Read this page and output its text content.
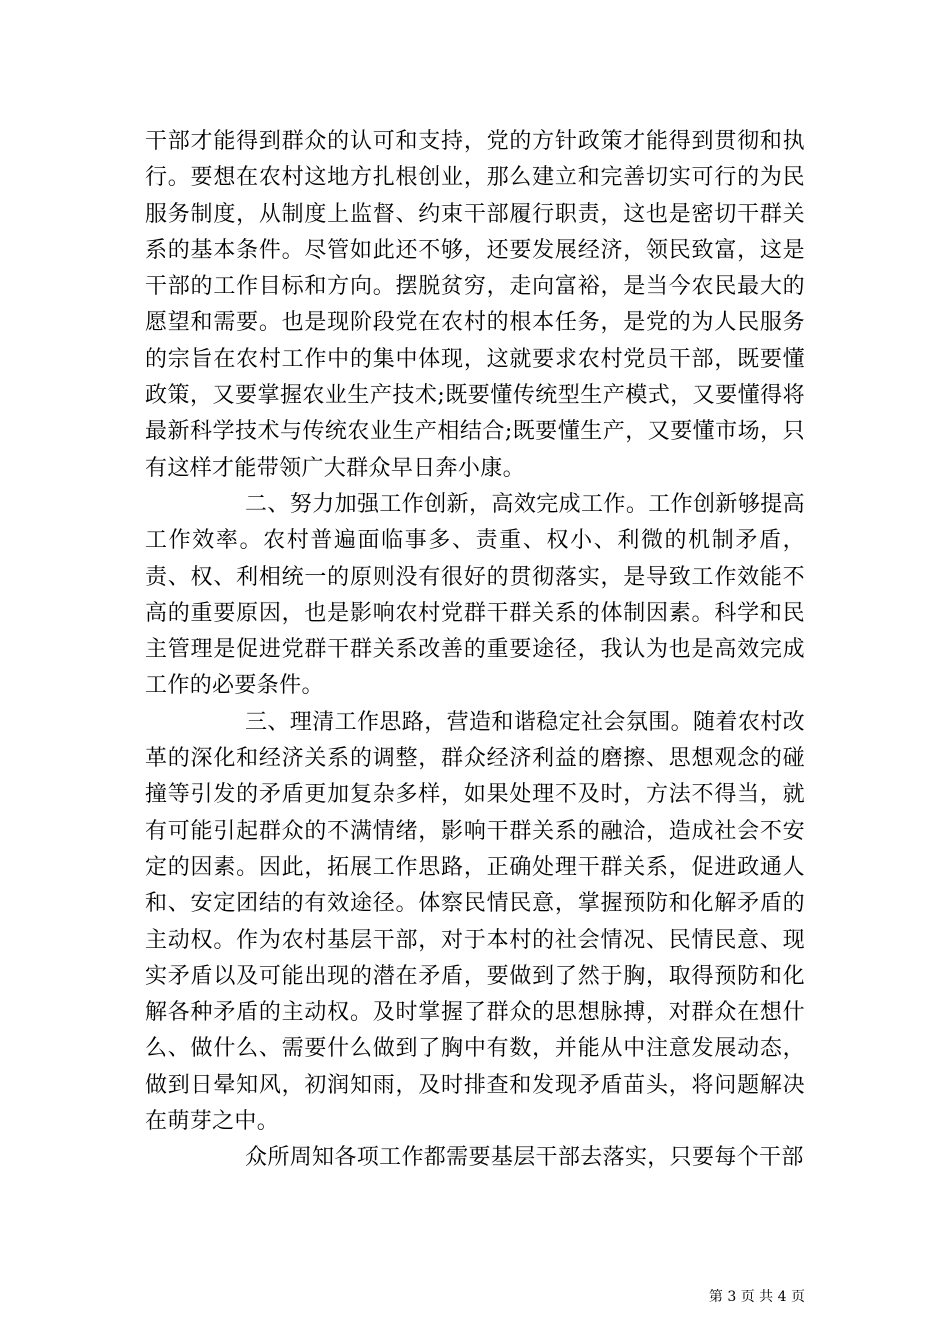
干部才能得到群众的认可和支持，党的方针政策才能得到贯彻和执行。要想在农村这地方扎根创业，那么建立和完善切实可行的为民服务制度，从制度上监督、约束干部履行职责，这也是密切干群关系的基本条件。尽管如此还不够，还要发展经济，领民致富，这是干部的工作目标和方向。摆脱贫穷，走向富裕，是当今农民最大的愿望和需要。也是现阶段党在农村的根本任务，是党的为人民服务的宗旨在农村工作中的集中体现，这就要求农村党员干部，既要懂政策，又要掌握农业生产技术;既要懂传统型生产模式，又要懂得将最新科学技术与传统农业生产相结合;既要懂生产，又要懂市场，只有这样才能带领广大群众早日奔小康。

二、努力加强工作创新，高效完成工作。工作创新够提高工作效率。农村普遍面临事多、责重、权小、利微的机制矛盾，责、权、利相统一的原则没有很好的贯彻落实，是导致工作效能不高的重要原因，也是影响农村党群干群关系的体制因素。科学和民主管理是促进党群干群关系改善的重要途径，我认为也是高效完成工作的必要条件。

三、理清工作思路，营造和谐稳定社会氛围。随着农村改革的深化和经济关系的调整，群众经济利益的磨擦、思想观念的碰撞等引发的矛盾更加复杂多样，如果处理不及时，方法不得当，就有可能引起群众的不满情绪，影响干群关系的融洽，造成社会不安定的因素。因此，拓展工作思路，正确处理干群关系，促进政通人和、安定团结的有效途径。体察民情民意，掌握预防和化解矛盾的主动权。作为农村基层干部，对于本村的社会情况、民情民意、现实矛盾以及可能出现的潜在矛盾，要做到了然于胸，取得预防和化解各种矛盾的主动权。及时掌握了群众的思想脉搏，对群众在想什么、做什么、需要什么做到了胸中有数，并能从中注意发展动态，做到日晕知风，初润知雨，及时排查和发现矛盾苗头，将问题解决在萌芽之中。

众所周知各项工作都需要基层干部去落实，只要每个干部

第 3 页 共 4 页
